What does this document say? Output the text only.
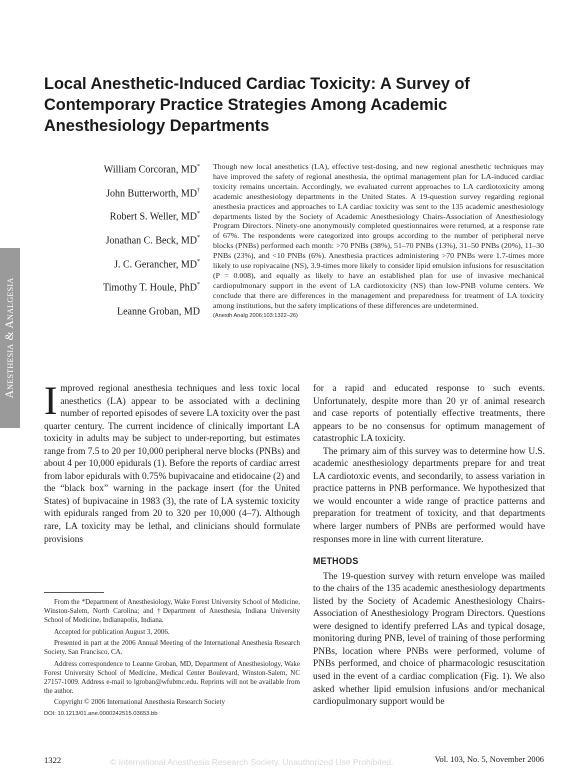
Anesthesia & Analgesia
Local Anesthetic-Induced Cardiac Toxicity: A Survey of Contemporary Practice Strategies Among Academic Anesthesiology Departments
William Corcoran, MD*
John Butterworth, MD†
Robert S. Weller, MD*
Jonathan C. Beck, MD*
J. C. Gerancher, MD*
Timothy T. Houle, PhD*
Leanne Groban, MD

Though new local anesthetics (LA), effective test-dosing, and new regional anesthetic techniques may have improved the safety of regional anesthesia, the optimal management plan for LA-induced cardiac toxicity remains uncertain. Accordingly, we evaluated current approaches to LA cardiotoxicity among academic anesthesiology departments in the United States. A 19-question survey regarding regional anesthesia practices and approaches to LA cardiac toxicity was sent to the 135 academic anesthesiology departments listed by the Society of Academic Anesthesiology Chairs-Association of Anesthesiology Program Directors. Ninety-one anonymously completed questionnaires were returned, at a response rate of 67%. The respondents were categorized into groups according to the number of peripheral nerve blocks (PNBs) performed each month: >70 PNBs (38%), 51–70 PNBs (13%), 31–50 PNBs (20%), 11–30 PNBs (23%), and <10 PNBs (6%). Anesthesia practices administering >70 PNBs were 1.7-times more likely to use ropivacaine (NS), 3.9-times more likely to consider lipid emulsion infusions for resuscitation (P = 0.008), and equally as likely to have an established plan for use of invasive mechanical cardiopulmonary support in the event of LA cardiotoxicity (NS) than low-PNB volume centers. We conclude that there are differences in the management and preparedness for treatment of LA toxicity among institutions, but the safety implications of these differences are undetermined.

(Anesth Analg 2006;103:1322–26)

Improved regional anesthesia techniques and less toxic local anesthetics (LA) appear to be associated with a declining number of reported episodes of severe LA toxicity over the past quarter century. The current incidence of clinically important LA toxicity in adults may be subject to under-reporting, but estimates range from 7.5 to 20 per 10,000 peripheral nerve blocks (PNBs) and about 4 per 10,000 epidurals (1). Before the reports of cardiac arrest from labor epidurals with 0.75% bupivacaine and etidocaine (2) and the “black box” warning in the package insert (for the United States) of bupivacaine in 1983 (3), the rate of LA systemic toxicity with epidurals ranged from 20 to 320 per 10,000 (4–7). Although rare, LA toxicity may be lethal, and clinicians should formulate provisions

for a rapid and educated response to such events. Unfortunately, despite more than 20 yr of animal research and case reports of potentially effective treatments, there appears to be no consensus for optimum management of catastrophic LA toxicity.

The primary aim of this survey was to determine how U.S. academic anesthesiology departments prepare for and treat LA cardiotoxic events, and secondarily, to assess variation in practice patterns in PNB performance. We hypothesized that we would encounter a wide range of practice patterns and preparation for treatment of toxicity, and that departments where larger numbers of PNBs are performed would have responses more in line with current literature.

METHODS

The 19-question survey with return envelope was mailed to the chairs of the 135 academic anesthesiology departments listed by the Society of Academic Anesthesiology Chairs-Association of Anesthesiology Program Directors. Questions were designed to identify preferred LAs and typical dosage, monitoring during PNB, level of training of those performing PNBs, location where PNBs were performed, volume of PNBs performed, and choice of pharmacologic resuscitation used in the event of a cardiac complication (Fig. 1). We also asked whether lipid emulsion infusions and/or mechanical cardiopulmonary support would be

From the *Department of Anesthesiology, Wake Forest University School of Medicine, Winston-Salem, North Carolina; and †Department of Anesthesia, Indiana University School of Medicine, Indianapolis, Indiana.

Accepted for publication August 3, 2006.

Presented in part at the 2006 Annual Meeting of the International Anesthesia Research Society, San Francisco, CA.

Address correspondence to Leanne Groban, MD, Department of Anesthesiology, Wake Forest University School of Medicine, Medical Center Boulevard, Winston-Salem, NC 27157-1009. Address e-mail to lgroban@wfubmc.edu. Reprints will not be available from the author.

Copyright © 2006 International Anesthesia Research Society

DOI: 10.1213/01.ane.0000242515.03653.bb

1322	© International Anesthesia Research Society. Unauthorized Use Prohibited.	Vol. 103, No. 5, November 2006
